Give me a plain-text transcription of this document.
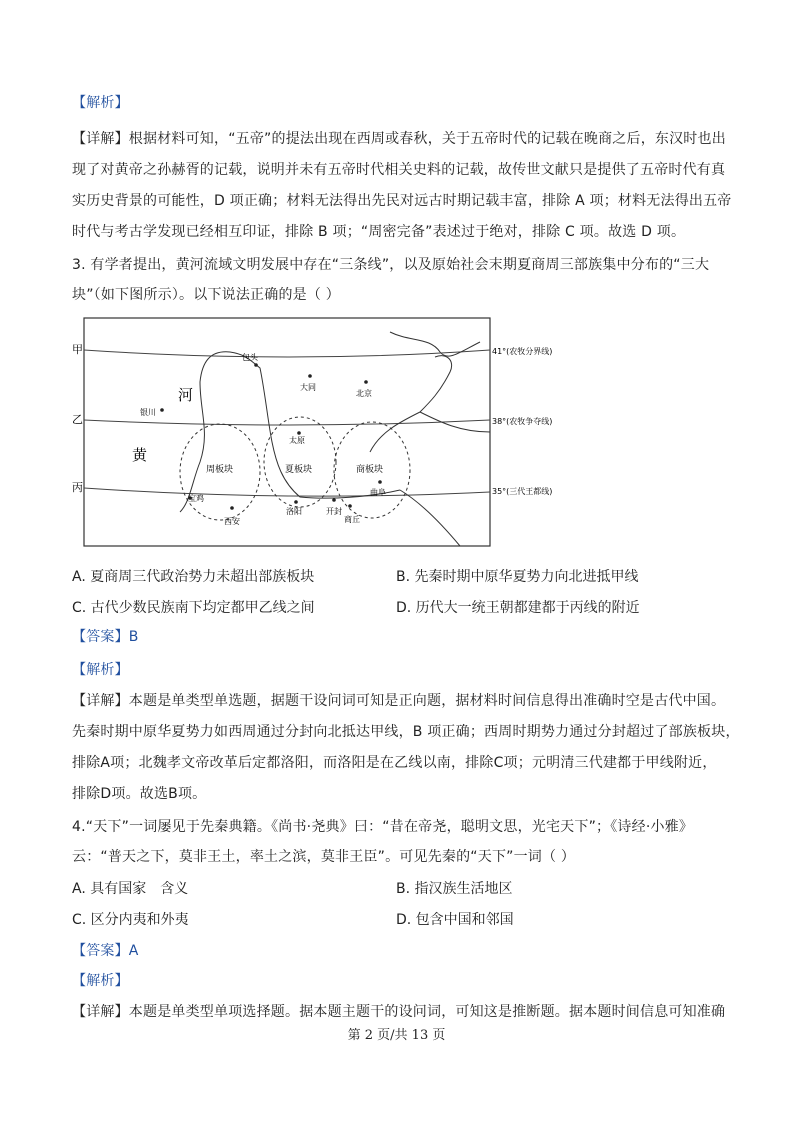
【解析】
【详解】根据材料可知，“五帝”的提法出现在西周或春秋，关于五帝时代的记载在晚商之后，东汉时也出
现了对黄帝之孙赫胥的记载，说明并未有五帝时代相关史料的记载，故传世文献只是提供了五帝时代有真
实历史背景的可能性，D 项正确；材料无法得出先民对远古时期记载丰富，排除 A 项；材料无法得出五帝
时代与考古学发现已经相互印证，排除 B 项；“周密完备”表述过于绝对，排除 C 项。故选 D 项。
3. 有学者提出，黄河流域文明发展中存在“三条线”，以及原始社会末期夏商周三部族集中分布的“三大
块”（如下图所示）。以下说法正确的是（ ）
甲
乙
丙
41°(农牧分界线)
38°(农牧争夺线)
35°(三代王都线)
河
黄
周板块	夏板块	商板块
包头
大同
北京
银川
太原
曲阜
宝鸡
西安
洛阳	开封
商丘
A. 夏商周三代政治势力未超出部族板块	B. 先秦时期中原华夏势力向北进抵甲线
C. 古代少数民族南下均定都甲乙线之间	D. 历代大一统王朝都建都于丙线的附近
【答案】B
【解析】
【详解】本题是单类型单选题，据题干设问词可知是正向题，据材料时间信息得出准确时空是古代中国。
先秦时期中原华夏势力如西周通过分封向北抵达甲线，B 项正确；西周时期势力通过分封超过了部族板块，
排除A项；北魏孝文帝改革后定都洛阳，而洛阳是在乙线以南，排除C项；元明清三代建都于甲线附近，
排除D项。故选B项。
4.“天下”一词屡见于先秦典籍。《尚书·尧典》曰：“昔在帝尧，聪明文思，光宅天下”；《诗经·小雅》
云：“普天之下，莫非王土，率土之滨，莫非王臣”。可见先秦的“天下”一词（ ）
A. 具有国家　含义	B. 指汉族生活地区
C. 区分内夷和外夷	D. 包含中国和邻国
【答案】A
【解析】
【详解】本题是单类型单项选择题。据本题主题干的设问词，可知这是推断题。据本题时间信息可知准确
第 2 页/共 13 页
